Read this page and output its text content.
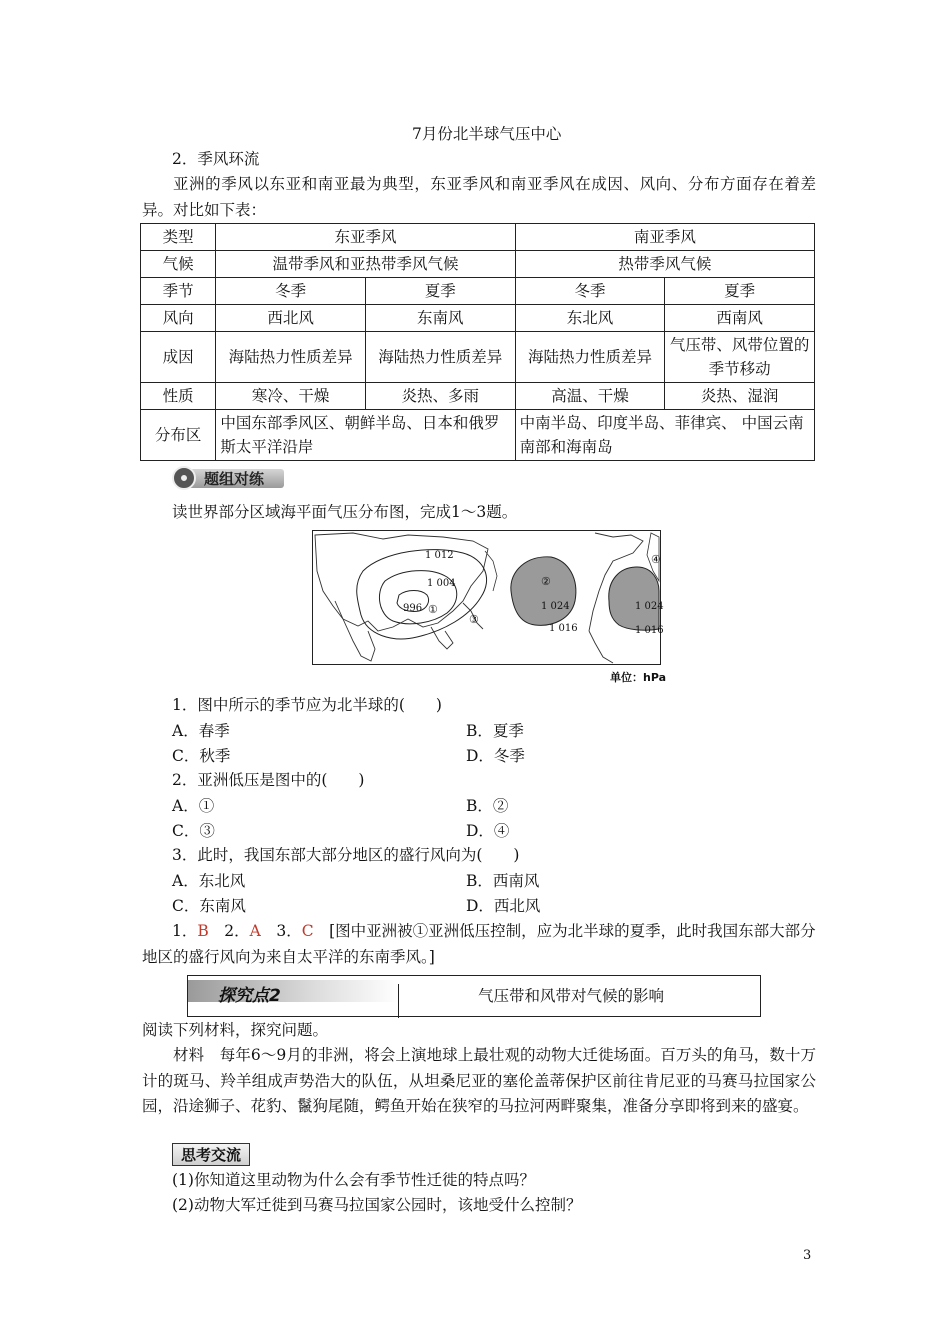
7月份北半球气压中心
2．季风环流
亚洲的季风以东亚和南亚最为典型，东亚季风和南亚季风在成因、风向、分布方面存在着差异。对比如下表：
类型	东亚季风		南亚季风	
气候	温带季风和亚热带季风气候		热带季风气候	
季节	冬季	夏季	冬季	夏季
风向	西北风	东南风	东北风	西南风
成因	海陆热力性质差异	海陆热力性质差异	海陆热力性质差异	气压带、风带位置的季节移动
性质	寒冷、干燥	炎热、多雨	高温、干燥	炎热、湿润
分布区	中国东部季风区、朝鲜半岛、日本和俄罗斯太平洋沿岸		中南半岛、印度半岛、菲律宾、 中国云南南部和海南岛	
题组对练
读世界部分区域海平面气压分布图，完成1～3题。
1 012
1 004
996 ①
②
③
④
1 024
1 016
1 024
1 016
单位：hPa
1．图中所示的季节应为北半球的(　　)
A．春季	B．夏季
C．秋季	D．冬季
2．亚洲低压是图中的(　　)
A．①	B．②
C．③	D．④
3．此时，我国东部大部分地区的盛行风向为(　　)
A．东北风	B．西南风
C．东南风	D．西北风
1．B　2．A　3．C　[图中亚洲被①亚洲低压控制，应为北半球的夏季，此时我国东部大部分
地区的盛行风向为来自太平洋的东南季风。]
探究点2	气压带和风带对气候的影响
阅读下列材料，探究问题。
材料　每年6～9月的非洲，将会上演地球上最壮观的动物大迁徙场面。百万头的角马，数十万计的斑马、羚羊组成声势浩大的队伍，从坦桑尼亚的塞伦盖蒂保护区前往肯尼亚的马赛马拉国家公园，沿途狮子、花豹、鬣狗尾随，鳄鱼开始在狭窄的马拉河两畔聚集，准备分享即将到来的盛宴。
思考交流
(1)你知道这里动物为什么会有季节性迁徙的特点吗？
(2)动物大军迁徙到马赛马拉国家公园时，该地受什么控制？
3
